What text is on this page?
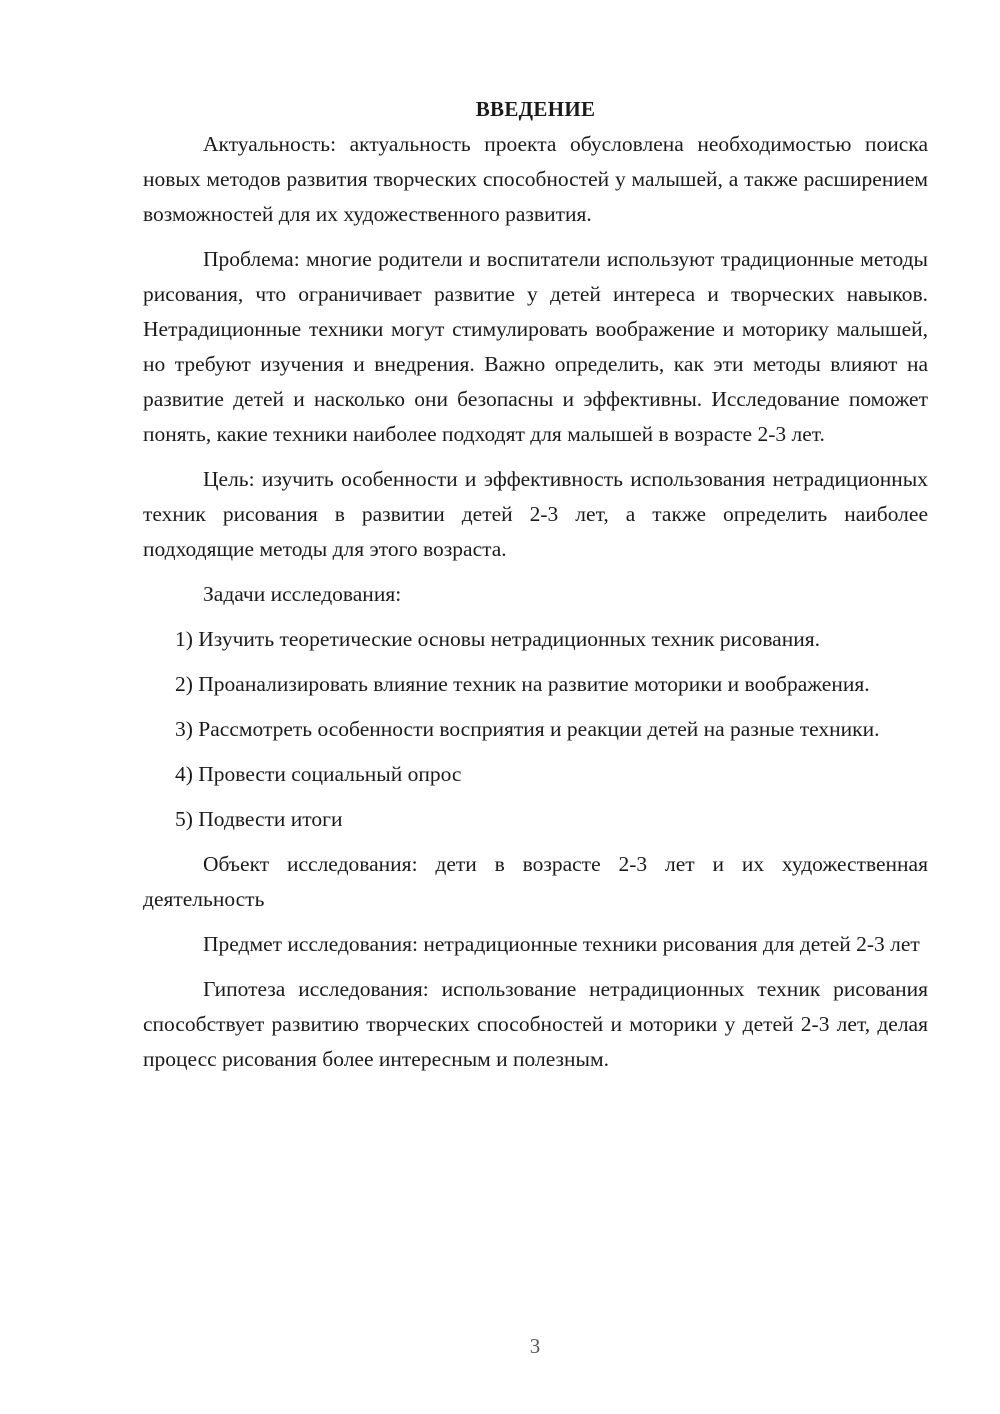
ВВЕДЕНИЕ

Актуальность: актуальность проекта обусловлена необходимостью поиска новых методов развития творческих способностей у малышей, а также расширением возможностей для их художественного развития.

Проблема: многие родители и воспитатели используют традиционные методы рисования, что ограничивает развитие у детей интереса и творческих навыков. Нетрадиционные техники могут стимулировать воображение и моторику малышей, но требуют изучения и внедрения. Важно определить, как эти методы влияют на развитие детей и насколько они безопасны и эффективны. Исследование поможет понять, какие техники наиболее подходят для малышей в возрасте 2-3 лет.

Цель: изучить особенности и эффективность использования нетрадиционных техник рисования в развитии детей 2-3 лет, а также определить наиболее подходящие методы для этого возраста.

Задачи исследования:

1) Изучить теоретические основы нетрадиционных техник рисования.

2) Проанализировать влияние техник на развитие моторики и воображения.

3) Рассмотреть особенности восприятия и реакции детей на разные техники.

4) Провести социальный опрос

5) Подвести итоги

Объект исследования: дети в возрасте 2-3 лет и их художественная деятельность

Предмет исследования: нетрадиционные техники рисования для детей 2-3 лет

Гипотеза исследования: использование нетрадиционных техник рисования способствует развитию творческих способностей и моторики у детей 2-3 лет, делая процесс рисования более интересным и полезным.

3
